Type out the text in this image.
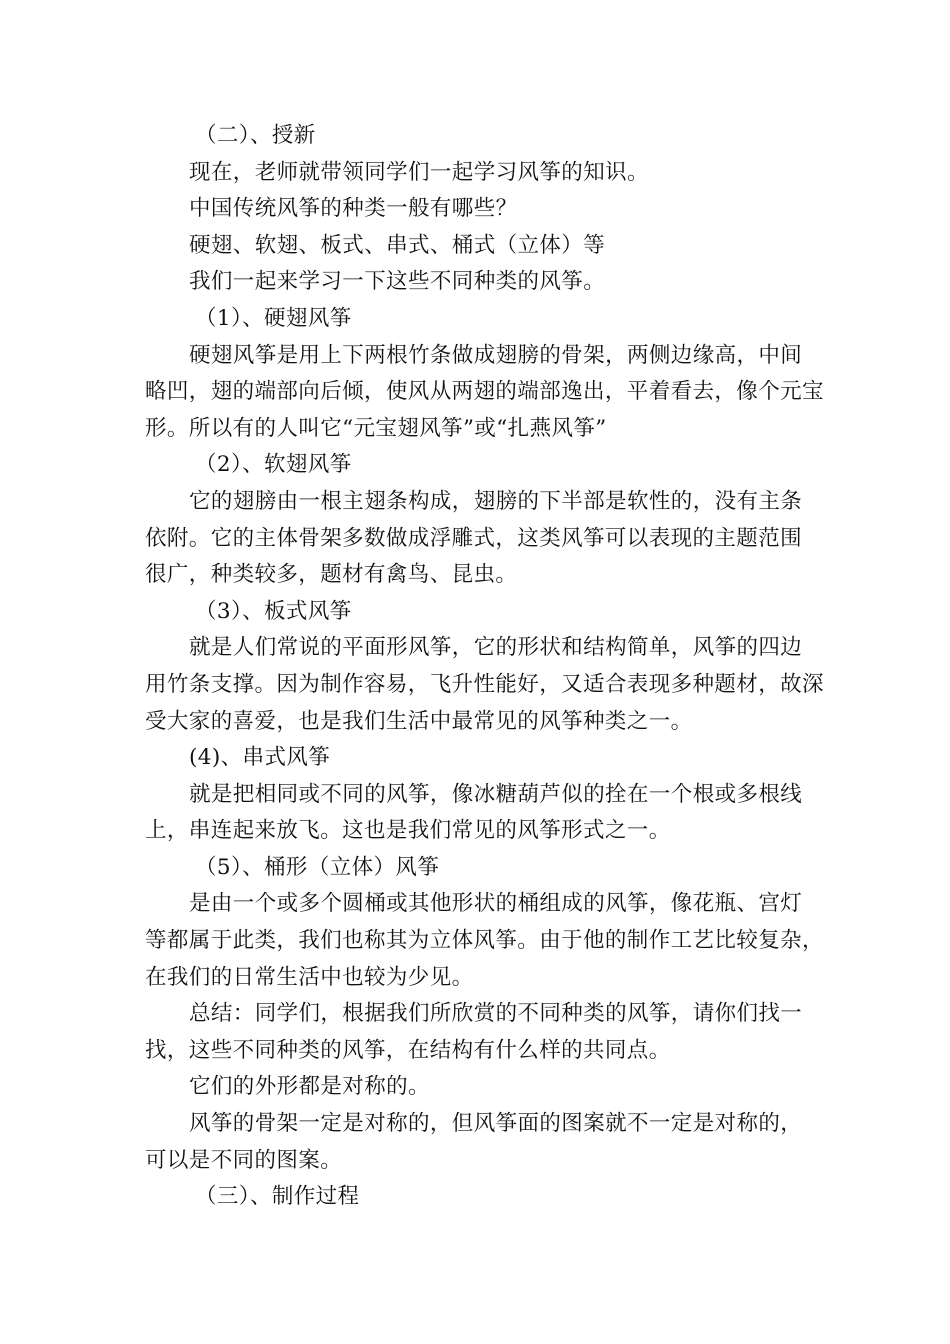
（二）、授新
现在，老师就带领同学们一起学习风筝的知识。
中国传统风筝的种类一般有哪些？
硬翅、软翅、板式、串式、桶式（立体）等
我们一起来学习一下这些不同种类的风筝。
（1）、硬翅风筝
硬翅风筝是用上下两根竹条做成翅膀的骨架，两侧边缘高，中间
略凹，翅的端部向后倾，使风从两翅的端部逸出，平着看去，像个元宝
形。所以有的人叫它“元宝翅风筝”或“扎燕风筝”
（2）、软翅风筝
它的翅膀由一根主翅条构成，翅膀的下半部是软性的，没有主条
依附。它的主体骨架多数做成浮雕式，这类风筝可以表现的主题范围
很广，种类较多，题材有禽鸟、昆虫。
（3）、板式风筝
就是人们常说的平面形风筝，它的形状和结构简单，风筝的四边
用竹条支撑。因为制作容易，飞升性能好，又适合表现多种题材，故深
受大家的喜爱，也是我们生活中最常见的风筝种类之一。
(4)、串式风筝
就是把相同或不同的风筝，像冰糖葫芦似的拴在一个根或多根线
上，串连起来放飞。这也是我们常见的风筝形式之一。
（5）、桶形（立体）风筝
是由一个或多个圆桶或其他形状的桶组成的风筝，像花瓶、宫灯
等都属于此类，我们也称其为立体风筝。由于他的制作工艺比较复杂，
在我们的日常生活中也较为少见。
总结：同学们，根据我们所欣赏的不同种类的风筝，请你们找一
找，这些不同种类的风筝，在结构有什么样的共同点。
它们的外形都是对称的。
风筝的骨架一定是对称的，但风筝面的图案就不一定是对称的，
可以是不同的图案。
（三）、制作过程
